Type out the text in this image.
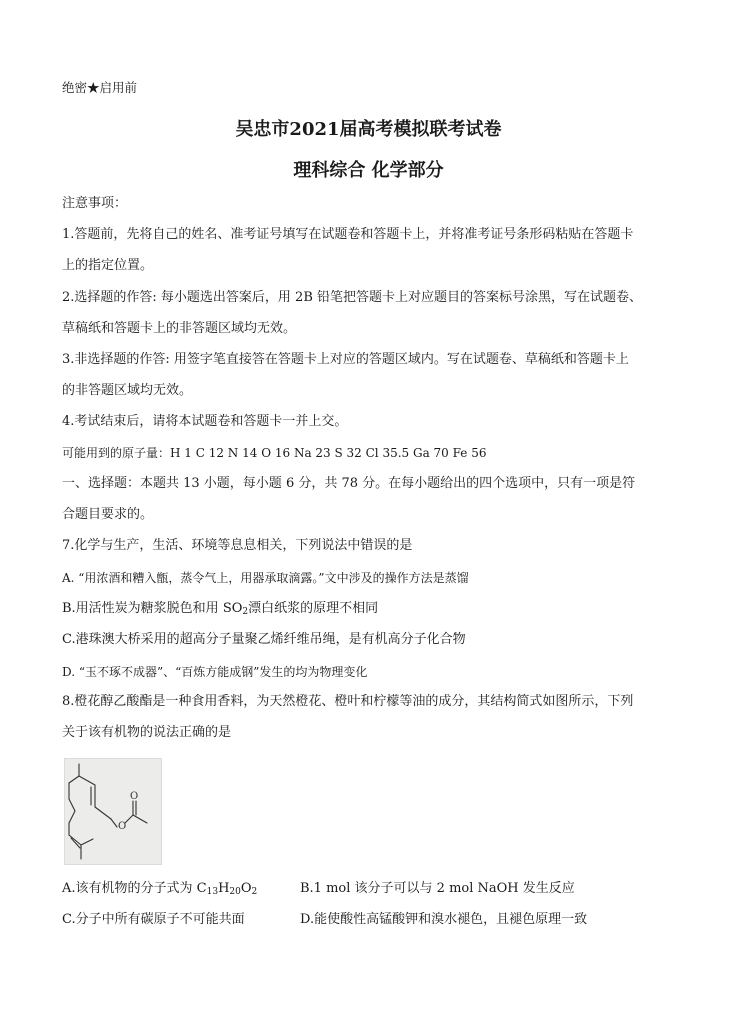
绝密★启用前
吴忠市2021届高考模拟联考试卷
理科综合 化学部分
注意事项：
1.答题前，先将自己的姓名、准考证号填写在试题卷和答题卡上，并将准考证号条形码粘贴在答题卡
上的指定位置。
2.选择题的作答: 每小题选出答案后，用 2B 铅笔把答题卡上对应题目的答案标号涂黑，写在试题卷、
草稿纸和答题卡上的非答题区域均无效。
3.非选择题的作答: 用签字笔直接答在答题卡上对应的答题区域内。写在试题卷、草稿纸和答题卡上
的非答题区域均无效。
4.考试结束后，请将本试题卷和答题卡一并上交。
可能用到的原子量：H 1 C 12 N 14 O 16 Na 23 S 32 Cl 35.5 Ga 70 Fe 56
一、选择题：本题共 13 小题，每小题 6 分，共 78 分。在每小题给出的四个选项中，只有一项是符
合题目要求的。
7.化学与生产，生活、环境等息息相关，下列说法中错误的是
A. “用浓酒和糟入甑，蒸令气上，用器承取滴露。”文中涉及的操作方法是蒸馏
B.用活性炭为糖浆脱色和用 $SO_2$漂白纸浆的原理不相同
C.港珠澳大桥采用的超高分子量聚乙烯纤维吊绳，是有机高分子化合物
D. “玉不琢不成器”、“百炼方能成钢”发生的均为物理变化
8.橙花醇乙酸酯是一种食用香料，为天然橙花、橙叶和柠檬等油的成分，其结构简式如图所示，下列
关于该有机物的说法正确的是
O
O
A.该有机物的分子式为 $C_{13}H_{20}O_2$	B.1 mol 该分子可以与 2 mol NaOH 发生反应
C.分子中所有碳原子不可能共面	D.能使酸性高锰酸钾和溴水褪色，且褪色原理一致
